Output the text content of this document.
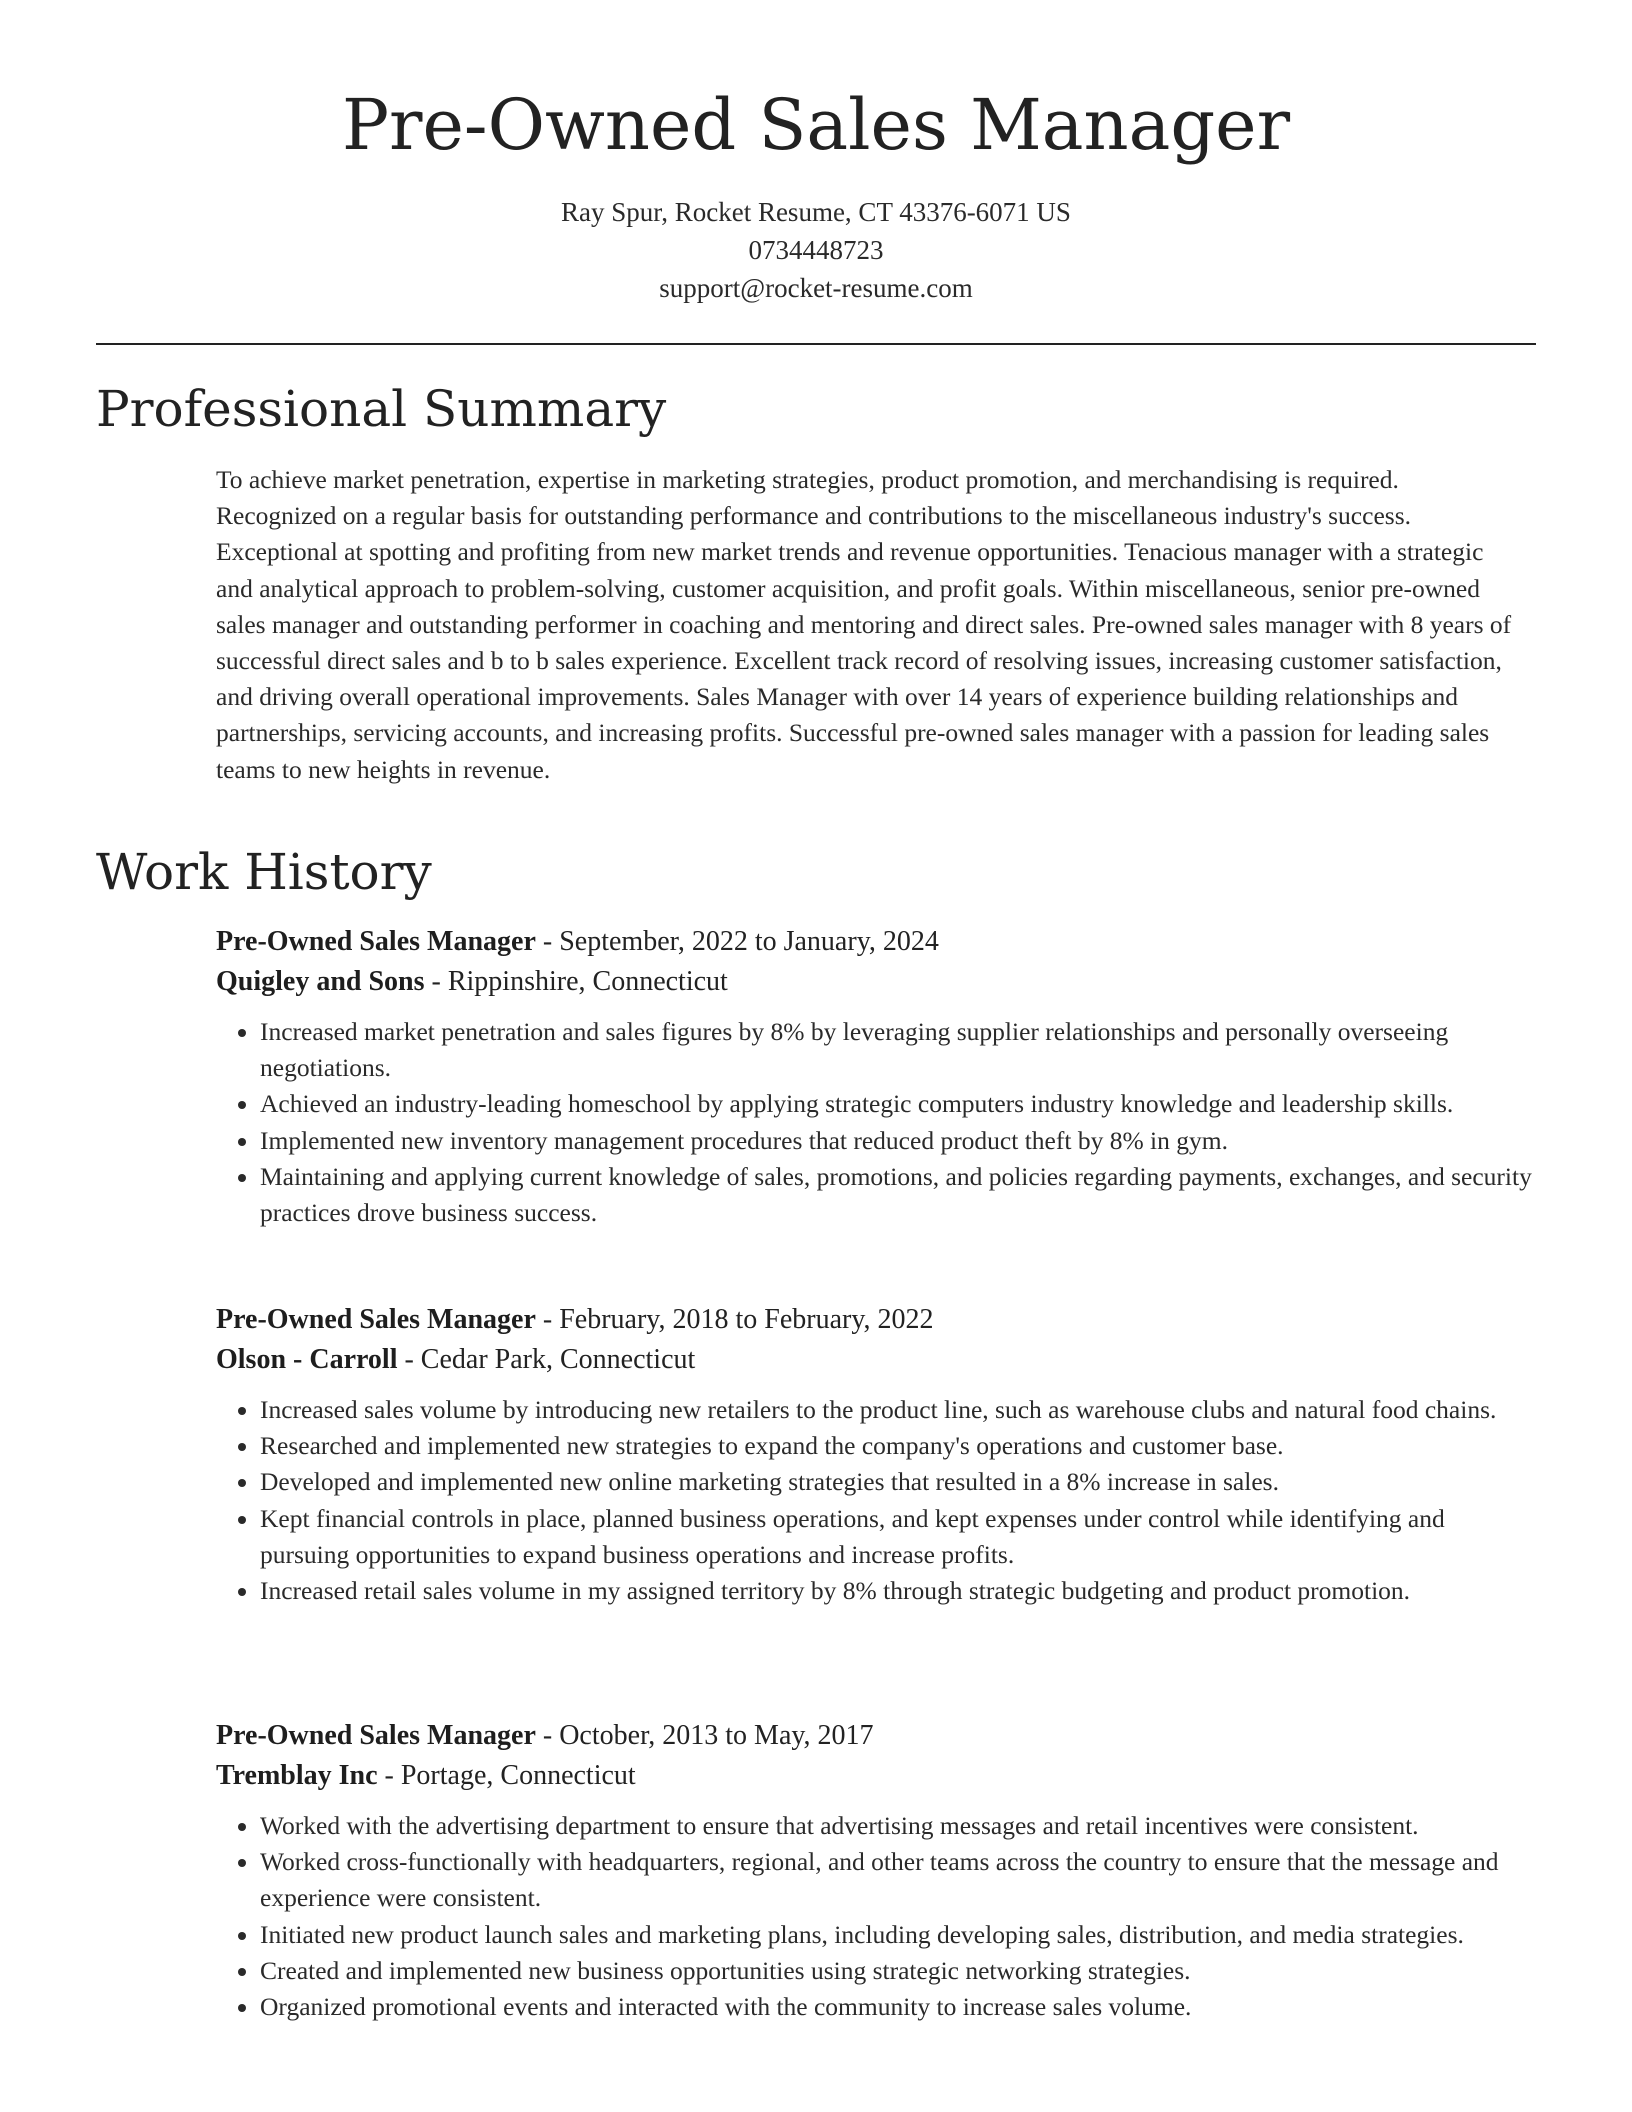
Pre-Owned Sales Manager
Ray Spur, Rocket Resume, CT 43376-6071 US
0734448723
support@rocket-resume.com
Professional Summary

To achieve market penetration, expertise in marketing strategies, product promotion, and merchandising is required. Recognized on a regular basis for outstanding performance and contributions to the miscellaneous industry's success. Exceptional at spotting and profiting from new market trends and revenue opportunities. Tenacious manager with a strategic and analytical approach to problem-solving, customer acquisition, and profit goals. Within miscellaneous, senior pre-owned sales manager and outstanding performer in coaching and mentoring and direct sales. Pre-owned sales manager with 8 years of successful direct sales and b to b sales experience. Excellent track record of resolving issues, increasing customer satisfaction, and driving overall operational improvements. Sales Manager with over 14 years of experience building relationships and partnerships, servicing accounts, and increasing profits. Successful pre-owned sales manager with a passion for leading sales teams to new heights in revenue.

Work History

Pre-Owned Sales Manager - September, 2022 to January, 2024

Quigley and Sons - Rippinshire, Connecticut

• Increased market penetration and sales figures by 8% by leveraging supplier relationships and personally overseeing negotiations.
• Achieved an industry-leading homeschool by applying strategic computers industry knowledge and leadership skills.
• Implemented new inventory management procedures that reduced product theft by 8% in gym.
• Maintaining and applying current knowledge of sales, promotions, and policies regarding payments, exchanges, and security practices drove business success.

Pre-Owned Sales Manager - February, 2018 to February, 2022

Olson - Carroll - Cedar Park, Connecticut

• Increased sales volume by introducing new retailers to the product line, such as warehouse clubs and natural food chains.
• Researched and implemented new strategies to expand the company's operations and customer base.
• Developed and implemented new online marketing strategies that resulted in a 8% increase in sales.
• Kept financial controls in place, planned business operations, and kept expenses under control while identifying and pursuing opportunities to expand business operations and increase profits.
• Increased retail sales volume in my assigned territory by 8% through strategic budgeting and product promotion.

Pre-Owned Sales Manager - October, 2013 to May, 2017

Tremblay Inc - Portage, Connecticut

• Worked with the advertising department to ensure that advertising messages and retail incentives were consistent.
• Worked cross-functionally with headquarters, regional, and other teams across the country to ensure that the message and experience were consistent.
• Initiated new product launch sales and marketing plans, including developing sales, distribution, and media strategies.
• Created and implemented new business opportunities using strategic networking strategies.
• Organized promotional events and interacted with the community to increase sales volume.
